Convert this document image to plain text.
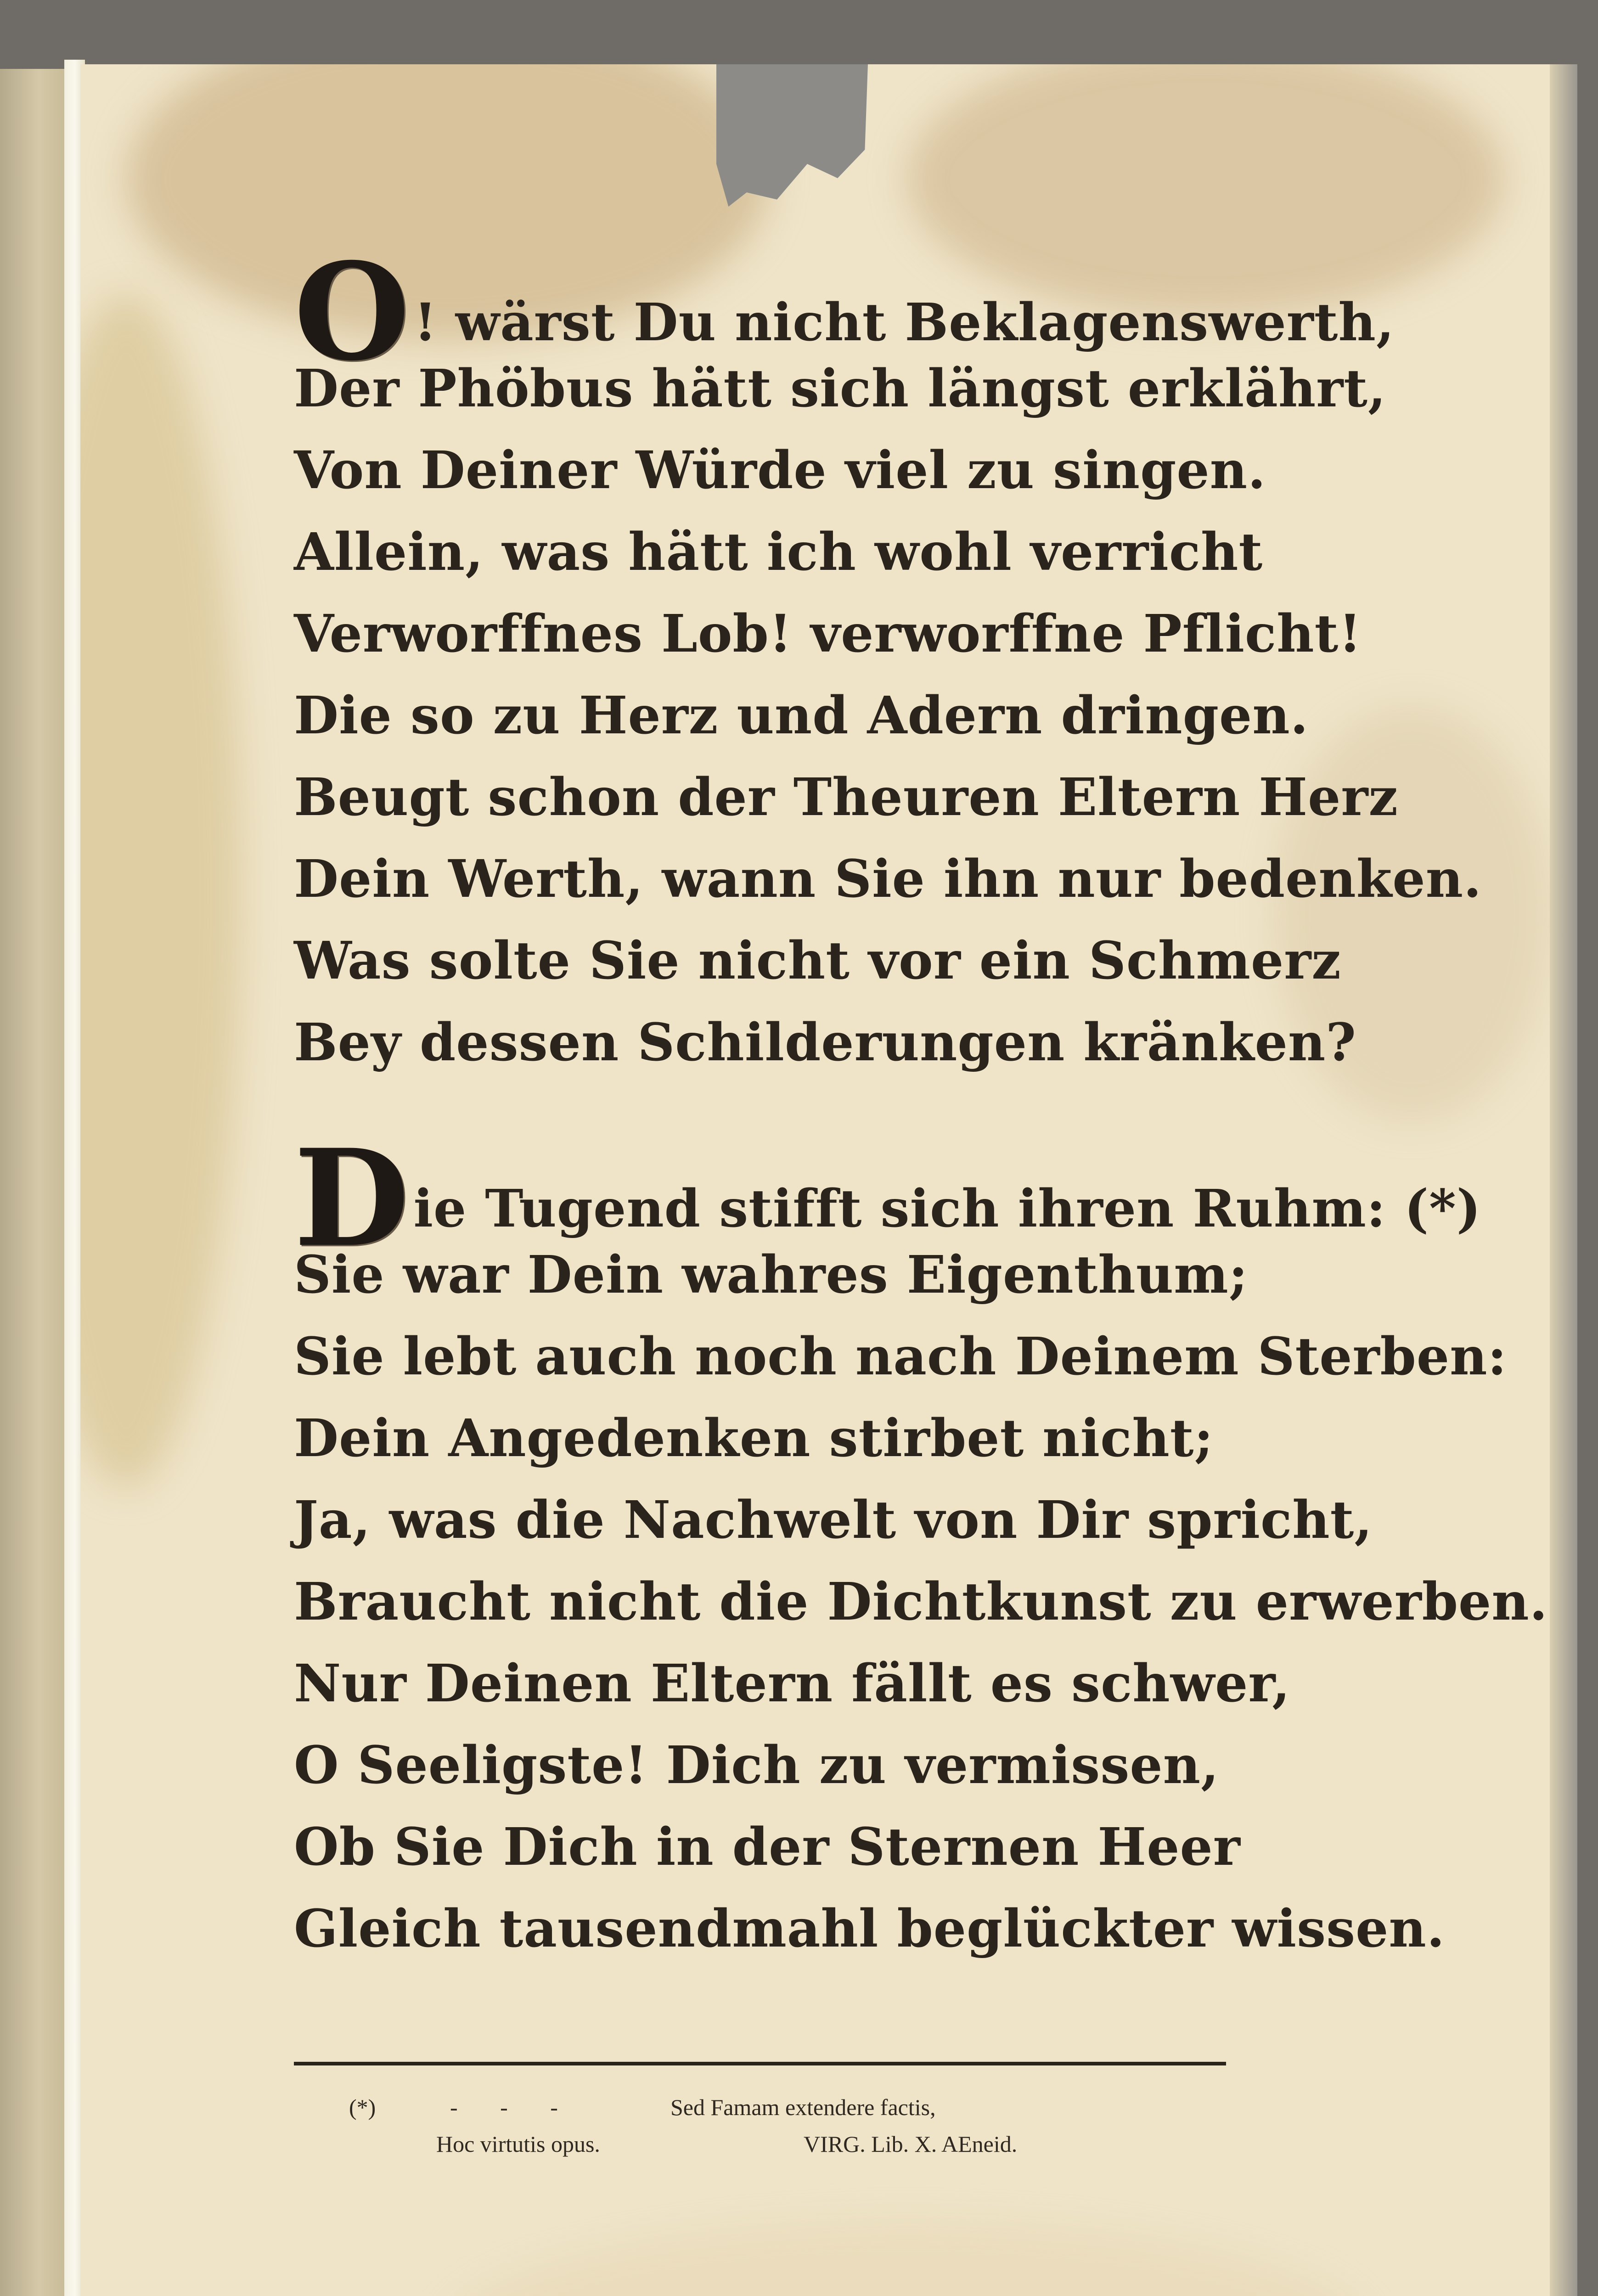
O! wärst Du nicht Beklagenswerth,
Der Phöbus hätt sich längst erklährt,
Von Deiner Würde viel zu singen.
Allein, was hätt ich wohl verricht
Verworffnes Lob! verworffne Pflicht!
Die so zu Herz und Adern dringen.
Beugt schon der Theuren Eltern Herz
Dein Werth, wann Sie ihn nur bedenken.
Was solte Sie nicht vor ein Schmerz
Bey dessen Schilderungen kränken?
Die Tugend stifft sich ihren Ruhm: (*)
Sie war Dein wahres Eigenthum;
Sie lebt auch noch nach Deinem Sterben:
Dein Angedenken stirbet nicht;
Ja, was die Nachwelt von Dir spricht,
Braucht nicht die Dichtkunst zu erwerben.
Nur Deinen Eltern fällt es schwer,
O Seeligste! Dich zu vermissen,
Ob Sie Dich in der Sternen Heer
Gleich tausendmahl beglückter wissen.
(*)	- - -	Sed Famam extendere factis,
Hoc virtutis opus.	VIRG. Lib. X. AEneid.
